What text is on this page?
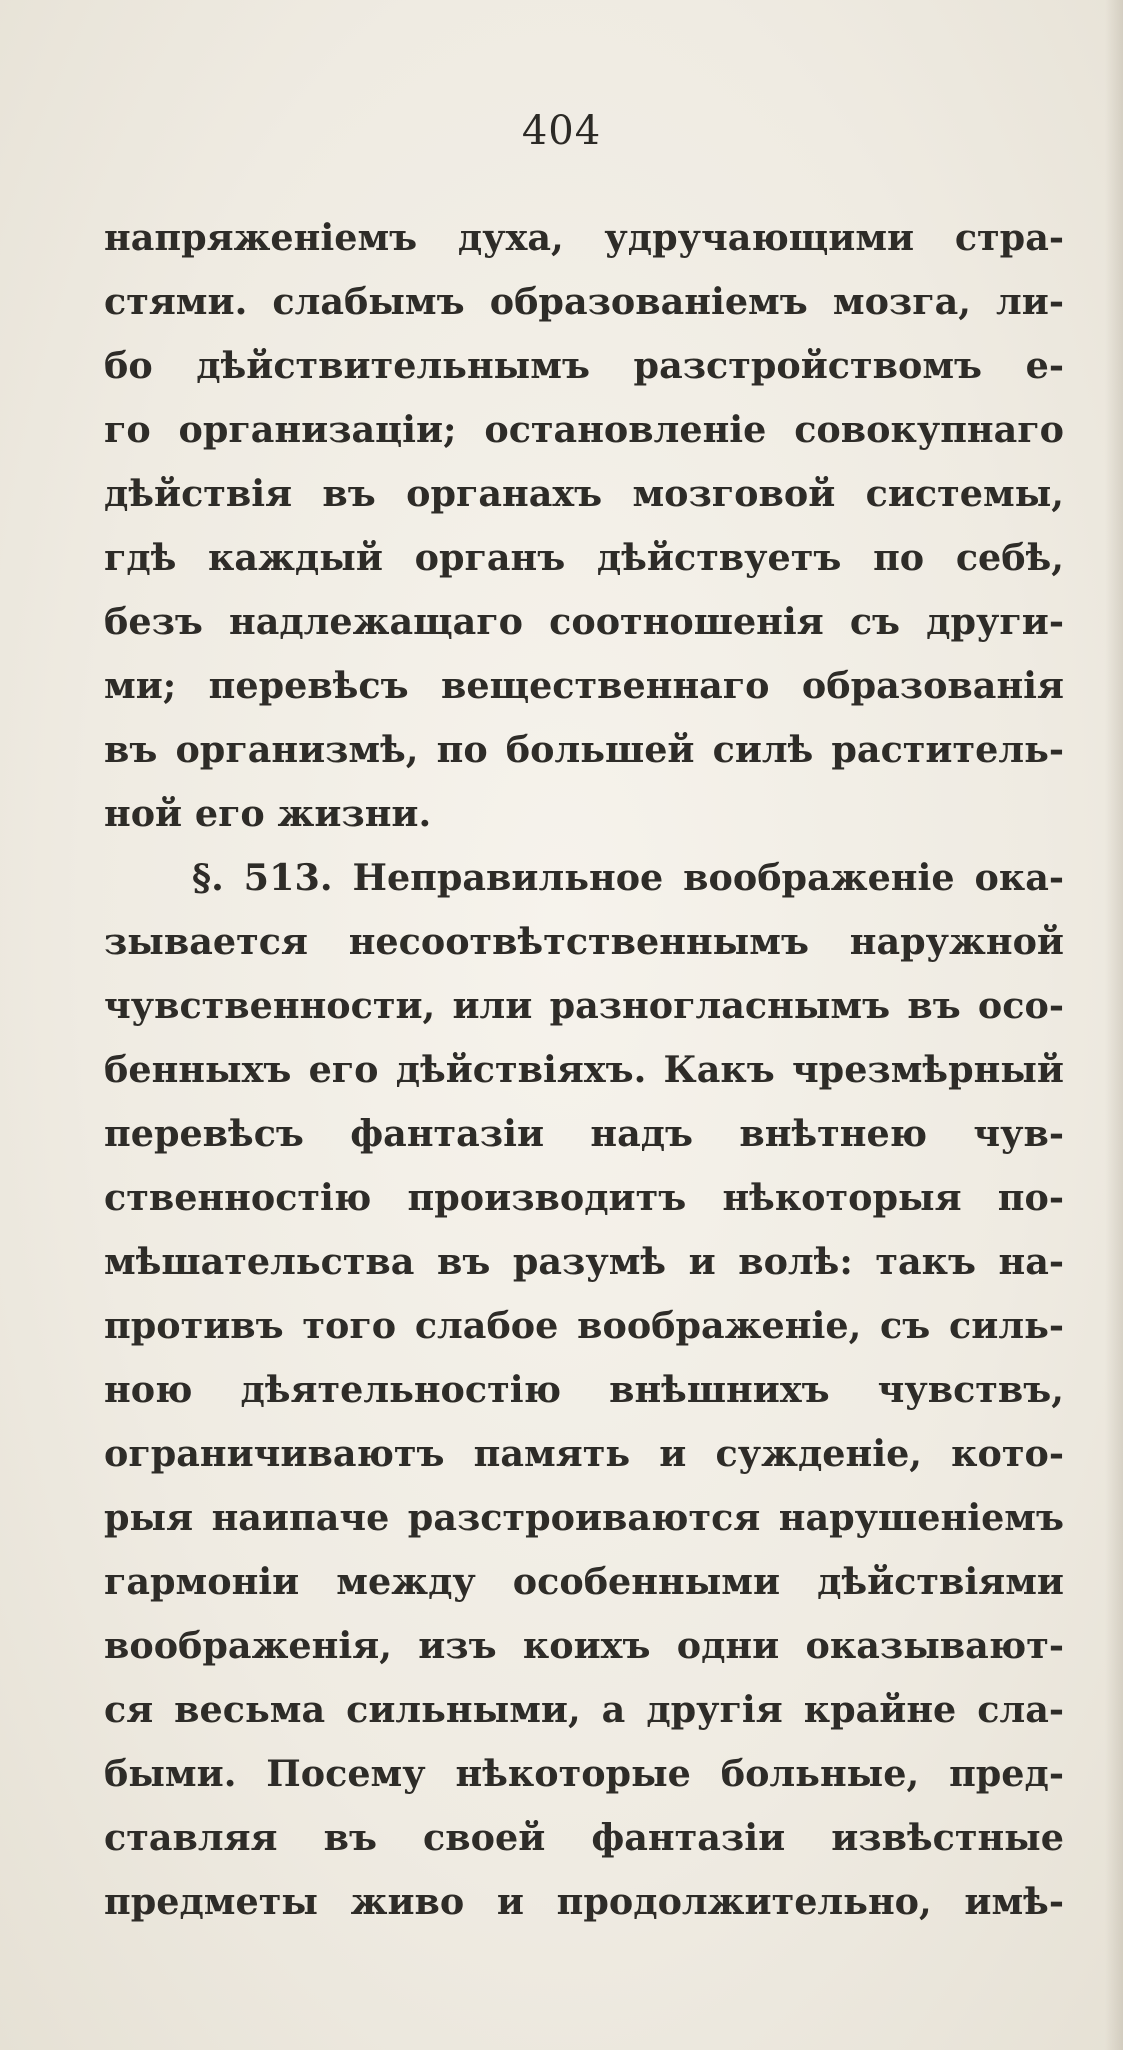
404
напряженіемъ духа, удручающими стра-
стями. слабымъ образованіемъ мозга, ли-
бо дѣйствительнымъ разстройствомъ е-
го организаціи; остановленіе совокупнаго
дѣйствія въ органахъ мозговой системы,
гдѣ каждый органъ дѣйствуетъ по себѣ,
безъ надлежащаго соотношенія съ други-
ми; перевѣсъ вещественнаго образованія
въ организмѣ, по большей силѣ раститель-
ной его жизни.
§. 513. Неправильное воображеніе ока-
зывается несоотвѣтственнымъ наружной
чувственности, или разногласнымъ въ осо-
бенныхъ его дѣйствіяхъ. Какъ чрезмѣрный
перевѣсъ фантазіи надъ внѣтнею чув-
ственностію производитъ нѣкоторыя по-
мѣшательства въ разумѣ и волѣ: такъ на-
противъ того слабое воображеніе, съ силь-
ною дѣятельностію внѣшнихъ чувствъ,
ограничиваютъ память и сужденіе, кото-
рыя наипаче разстроиваются нарушеніемъ
гармоніи между особенными дѣйствіями
воображенія, изъ коихъ одни оказывают-
ся весьма сильными, а другія крайне сла-
быми. Посему нѣкоторые больные, пред-
ставляя въ своей фантазіи извѣстные
предметы живо и продолжительно, имѣ-
